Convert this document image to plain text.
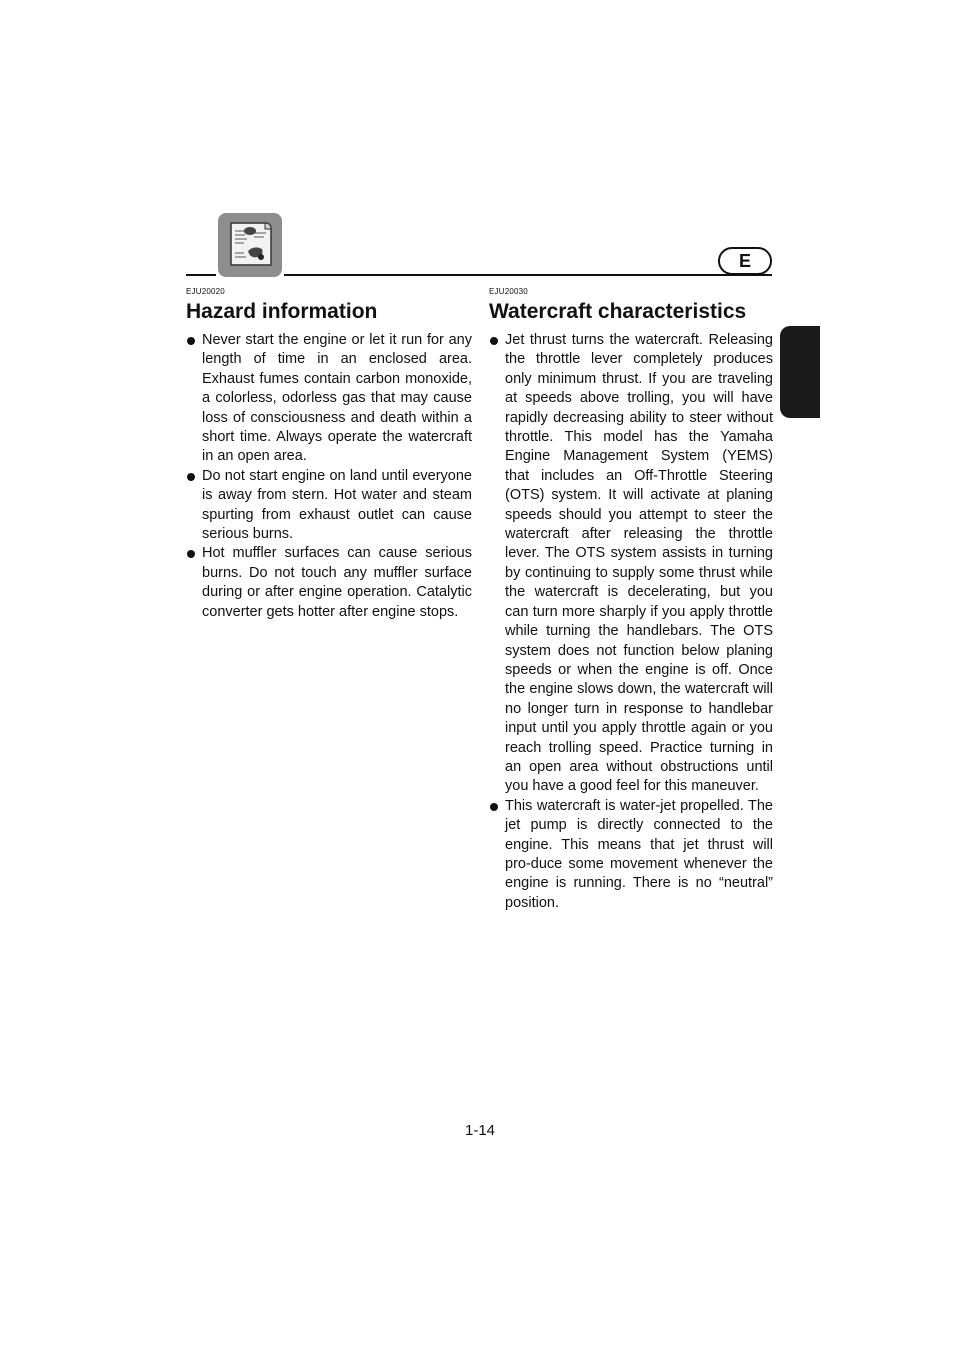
E
EJU20020
Hazard information
Never start the engine or let it run for any length of time in an enclosed area. Exhaust fumes contain carbon monoxide, a colorless, odorless gas that may cause loss of consciousness and death within a short time. Always operate the watercraft in an open area.
Do not start engine on land until everyone is away from stern. Hot water and steam spurting from exhaust outlet can cause serious burns.
Hot muffler surfaces can cause serious burns. Do not touch any muffler surface during or after engine operation. Catalytic converter gets hotter after engine stops.
EJU20030
Watercraft characteristics
Jet thrust turns the watercraft. Releasing the throttle lever completely produces only minimum thrust. If you are traveling at speeds above trolling, you will have rapidly decreasing ability to steer without throttle. This model has the Yamaha Engine Management System (YEMS) that includes an Off-Throttle Steering (OTS) system. It will activate at planing speeds should you attempt to steer the watercraft after releasing the throttle lever. The OTS system assists in turning by continuing to supply some thrust while the watercraft is decelerating, but you can turn more sharply if you apply throttle while turning the handlebars. The OTS system does not function below planing speeds or when the engine is off. Once the engine slows down, the watercraft will no longer turn in response to handlebar input until you apply throttle again or you reach trolling speed. Practice turning in an open area without obstructions until you have a good feel for this maneuver.
This watercraft is water-jet propelled. The jet pump is directly connected to the engine. This means that jet thrust will pro-duce some movement whenever the engine is running. There is no “neutral” position.
1-14
